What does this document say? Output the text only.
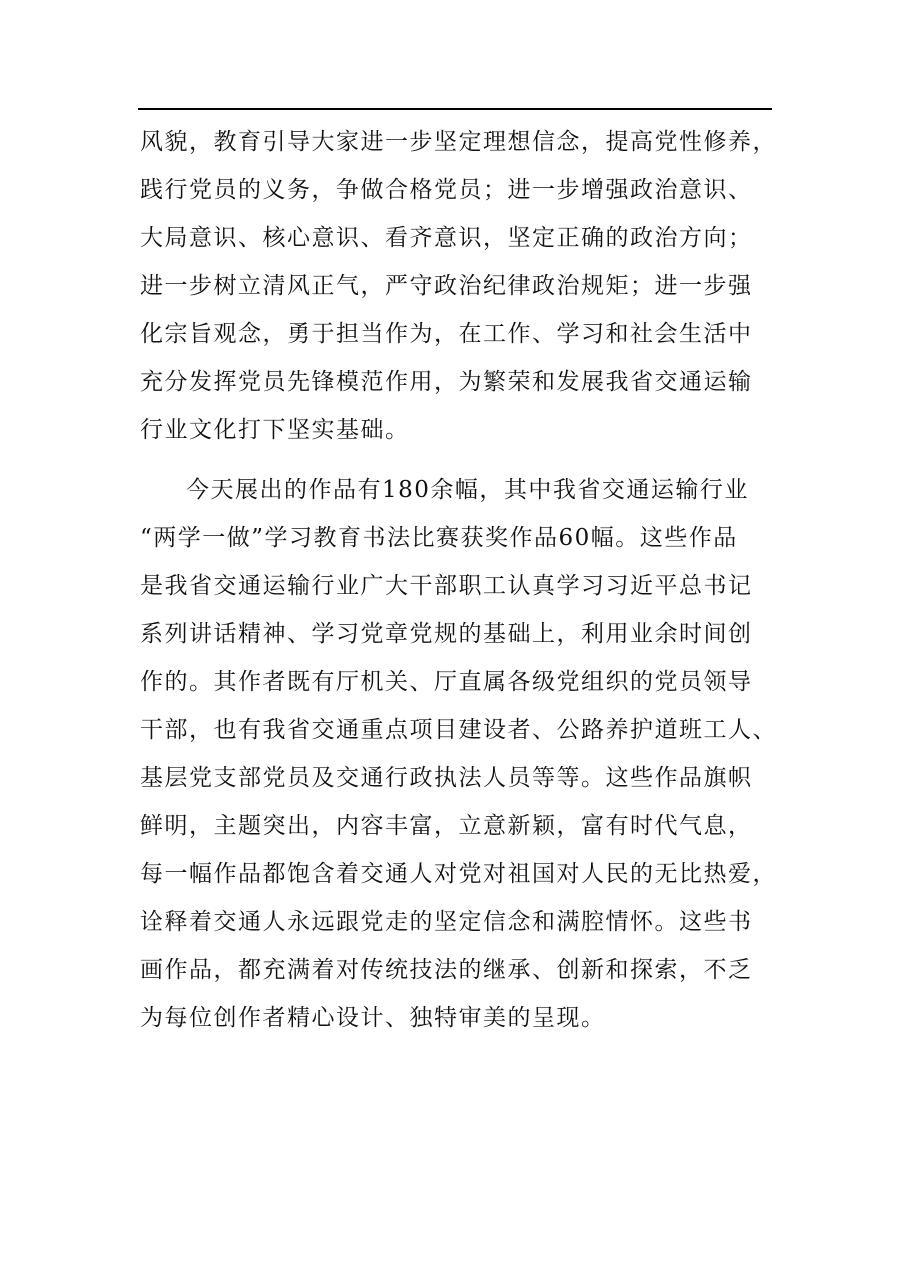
风貌，教育引导大家进一步坚定理想信念，提高党性修养，
践行党员的义务，争做合格党员；进一步增强政治意识、
大局意识、核心意识、看齐意识，坚定正确的政治方向；
进一步树立清风正气，严守政治纪律政治规矩；进一步强
化宗旨观念，勇于担当作为，在工作、学习和社会生活中
充分发挥党员先锋模范作用，为繁荣和发展我省交通运输
行业文化打下坚实基础。
今天展出的作品有180余幅，其中我省交通运输行业
“两学一做”学习教育书法比赛获奖作品60幅。这些作品
是我省交通运输行业广大干部职工认真学习习近平总书记
系列讲话精神、学习党章党规的基础上，利用业余时间创
作的。其作者既有厅机关、厅直属各级党组织的党员领导
干部，也有我省交通重点项目建设者、公路养护道班工人、
基层党支部党员及交通行政执法人员等等。这些作品旗帜
鲜明，主题突出，内容丰富，立意新颖，富有时代气息，
每一幅作品都饱含着交通人对党对祖国对人民的无比热爱，
诠释着交通人永远跟党走的坚定信念和满腔情怀。这些书
画作品，都充满着对传统技法的继承、创新和探索，不乏
为每位创作者精心设计、独特审美的呈现。
